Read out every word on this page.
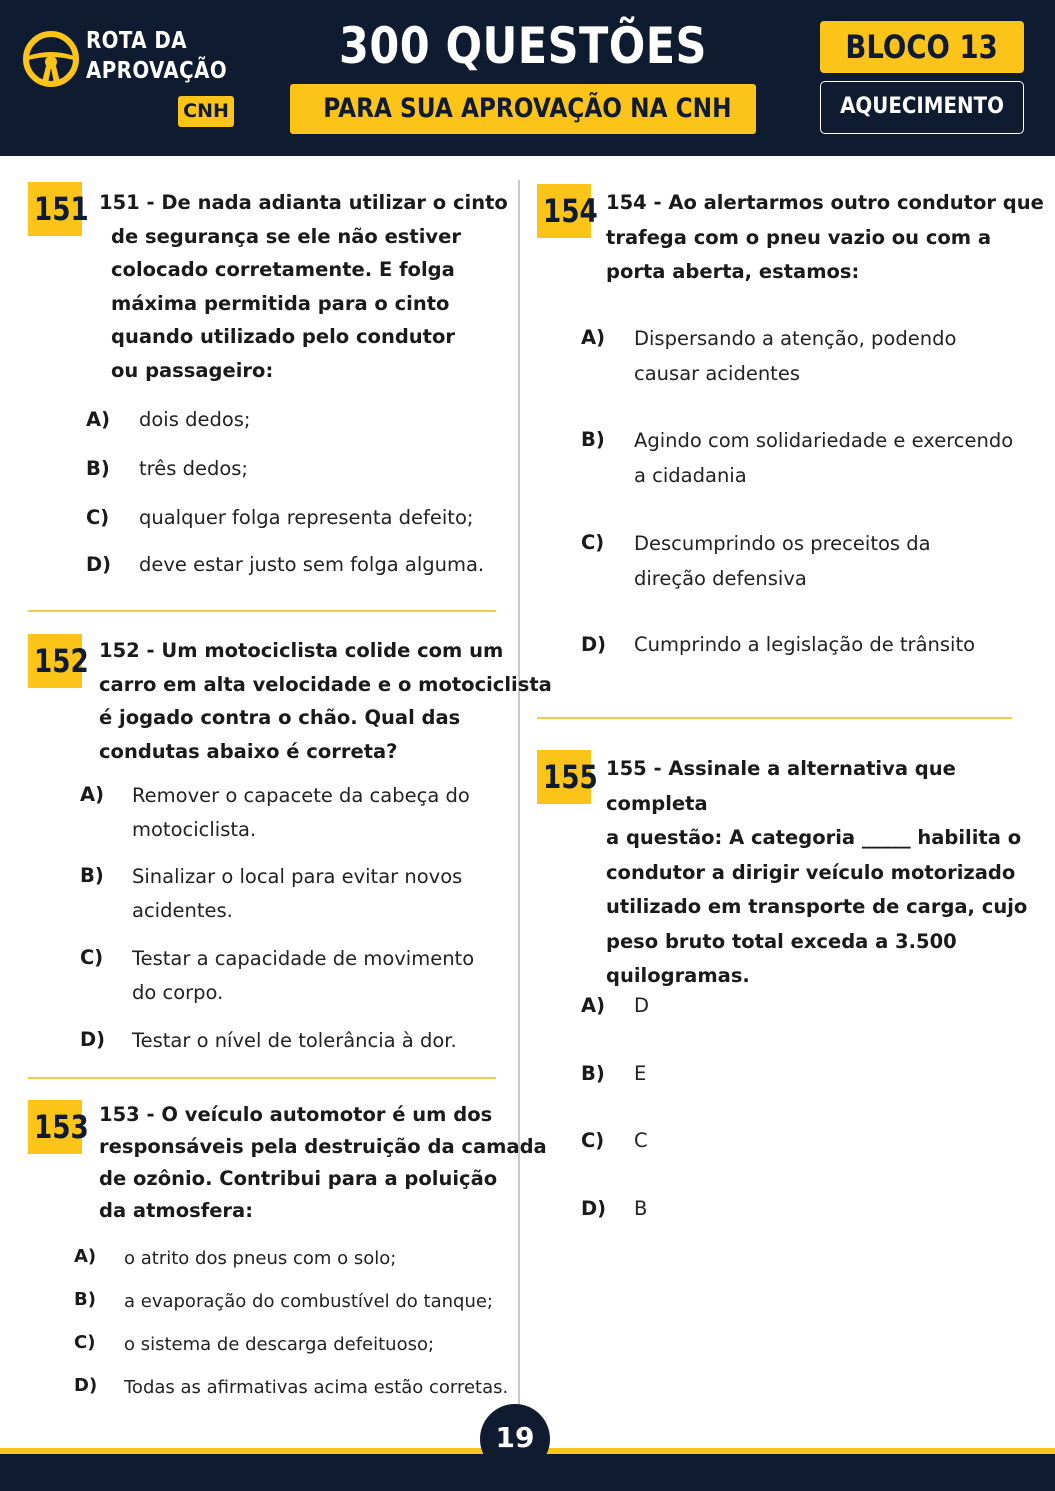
ROTA DA
APROVAÇÃO
CNH
300 QUESTÕES
PARA SUA APROVAÇÃO NA CNH
BLOCO 13
AQUECIMENTO
151 151 - De nada adianta utilizar o cinto
de segurança se ele não estiver
colocado corretamente. E folga
máxima permitida para o cinto
quando utilizado pelo condutor
ou passageiro:
A) dois dedos;
B) três dedos;
C) qualquer folga representa defeito;
D) deve estar justo sem folga alguma.
152 152 - Um motociclista colide com um
carro em alta velocidade e o motociclista
é jogado contra o chão. Qual das
condutas abaixo é correta?
A) Remover o capacete da cabeça do
motociclista.
B) Sinalizar o local para evitar novos
acidentes.
C) Testar a capacidade de movimento
do corpo.
D) Testar o nível de tolerância à dor.
153 153 - O veículo automotor é um dos
responsáveis pela destruição da camada
de ozônio. Contribui para a poluição
da atmosfera:
A) o atrito dos pneus com o solo;
B) a evaporação do combustível do tanque;
C) o sistema de descarga defeituoso;
D) Todas as afirmativas acima estão corretas.
154 154 - Ao alertarmos outro condutor que
trafega com o pneu vazio ou com a
porta aberta, estamos:
A) Dispersando a atenção, podendo
causar acidentes
B) Agindo com solidariedade e exercendo
a cidadania
C) Descumprindo os preceitos da
direção defensiva
D) Cumprindo a legislação de trânsito
155 155 - Assinale a alternativa que completa
a questão: A categoria _____ habilita o
condutor a dirigir veículo motorizado
utilizado em transporte de carga, cujo
peso bruto total exceda a 3.500
quilogramas.
A) D
B) E
C) C
D) B
19
